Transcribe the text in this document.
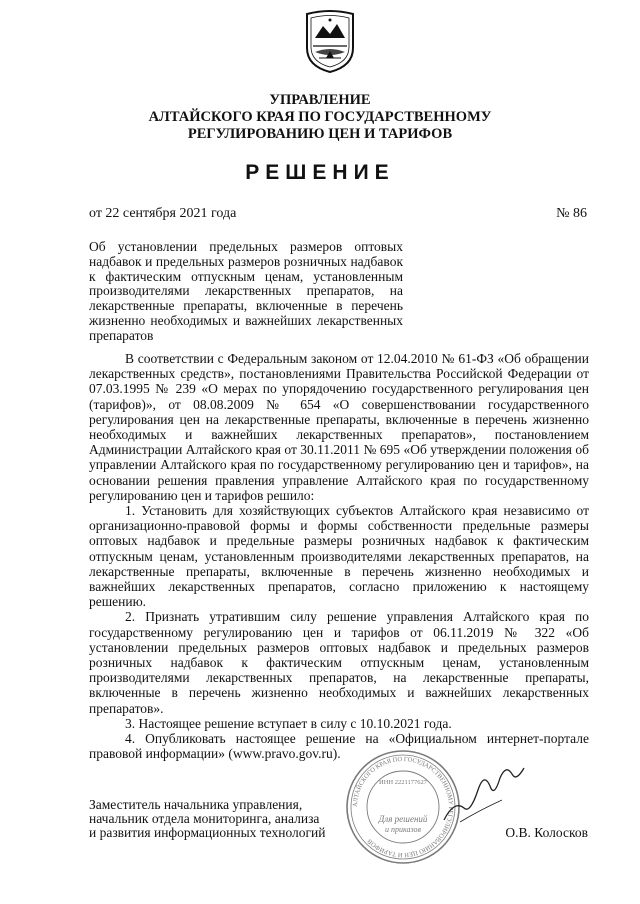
УПРАВЛЕНИЕ
АЛТАЙСКОГО КРАЯ ПО ГОСУДАРСТВЕННОМУ
РЕГУЛИРОВАНИЮ ЦЕН И ТАРИФОВ
РЕШЕНИЕ
от 22 сентября 2021 года	№ 86
Об установлении предельных размеров оптовых надбавок и предельных размеров розничных надбавок к фактическим отпускным ценам, установленным производителями лекарственных препаратов, на лекарственные препараты, включенные в перечень жизненно необходимых и важнейших лекарственных препаратов

В соответствии с Федеральным законом от 12.04.2010 № 61-ФЗ «Об обращении лекарственных средств», постановлениями Правительства Российской Федерации от 07.03.1995 № 239 «О мерах по упорядочению государственного регулирования цен (тарифов)», от 08.08.2009 № 654 «О совершенствовании государственного регулирования цен на лекарственные препараты, включенные в перечень жизненно необходимых и важнейших лекарственных препаратов», постановлением Администрации Алтайского края от 30.11.2011 № 695 «Об утверждении положения об управлении Алтайского края по государственному регулированию цен и тарифов», на основании решения правления управление Алтайского края по государственному регулированию цен и тарифов решило:

1. Установить для хозяйствующих субъектов Алтайского края независимо от организационно-правовой формы и формы собственности предельные размеры оптовых надбавок и предельные размеры розничных надбавок к фактическим отпускным ценам, установленным производителями лекарственных препаратов, на лекарственные препараты, включенные в перечень жизненно необходимых и важнейших лекарственных препаратов, согласно приложению к настоящему решению.

2. Признать утратившим силу решение управления Алтайского края по государственному регулированию цен и тарифов от 06.11.2019 № 322 «Об установлении предельных размеров оптовых надбавок и предельных размеров розничных надбавок к фактическим отпускным ценам, установленным производителями лекарственных препаратов, на лекарственные препараты, включенные в перечень жизненно необходимых и важнейших лекарственных препаратов».

3. Настоящее решение вступает в силу с 10.10.2021 года.

4. Опубликовать настоящее решение на «Официальном интернет-портале правовой информации» (www.pravo.gov.ru).

Заместитель начальника управления,
начальник отдела мониторинга, анализа
и развития информационных технологий
АЛТАЙСКОГО КРАЯ ПО ГОСУДАРСТВЕННОМУ РЕГУЛИРОВАНИЮ ЦЕН И ТАРИФОВ
ИНН 2221177627
Для решений
и приказов	О.В. Колосков
